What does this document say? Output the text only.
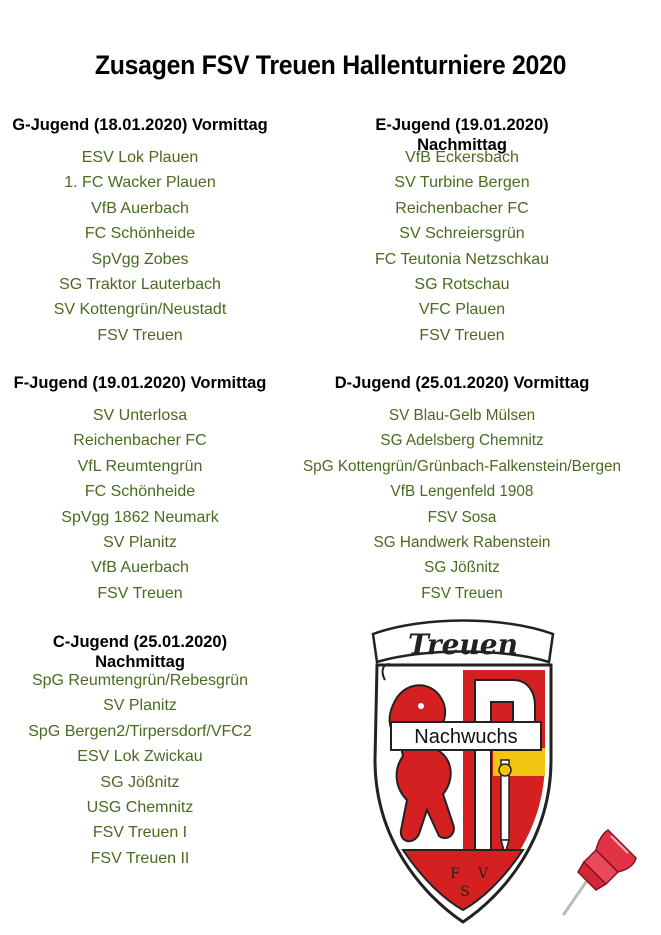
Zusagen FSV Treuen Hallenturniere 2020
G-Jugend (18.01.2020) Vormittag
ESV Lok Plauen
1. FC Wacker Plauen
VfB Auerbach
FC Schönheide
SpVgg Zobes
SG Traktor Lauterbach
SV Kottengrün/Neustadt
FSV Treuen
E-Jugend (19.01.2020) Nachmittag
VfB Eckersbach
SV Turbine Bergen
Reichenbacher FC
SV Schreiersgrün
FC Teutonia Netzschkau
SG Rotschau
VFC Plauen
FSV Treuen
F-Jugend (19.01.2020) Vormittag
SV Unterlosa
Reichenbacher FC
VfL Reumtengrün
FC Schönheide
SpVgg 1862 Neumark
SV Planitz
VfB Auerbach
FSV Treuen
D-Jugend (25.01.2020) Vormittag
SV Blau-Gelb Mülsen
SG Adelsberg Chemnitz
SpG Kottengrün/Grünbach-Falkenstein/Bergen
VfB Lengenfeld 1908
FSV Sosa
SG Handwerk Rabenstein
SG Jößnitz
FSV Treuen
C-Jugend (25.01.2020) Nachmittag
SpG Reumtengrün/Rebesgrün
SV Planitz
SpG Bergen2/Tirpersdorf/VFC2
ESV Lok Zwickau
SG Jößnitz
USG Chemnitz
FSV Treuen I
FSV Treuen II
Treuen
Nachwuchs
F
S
V
